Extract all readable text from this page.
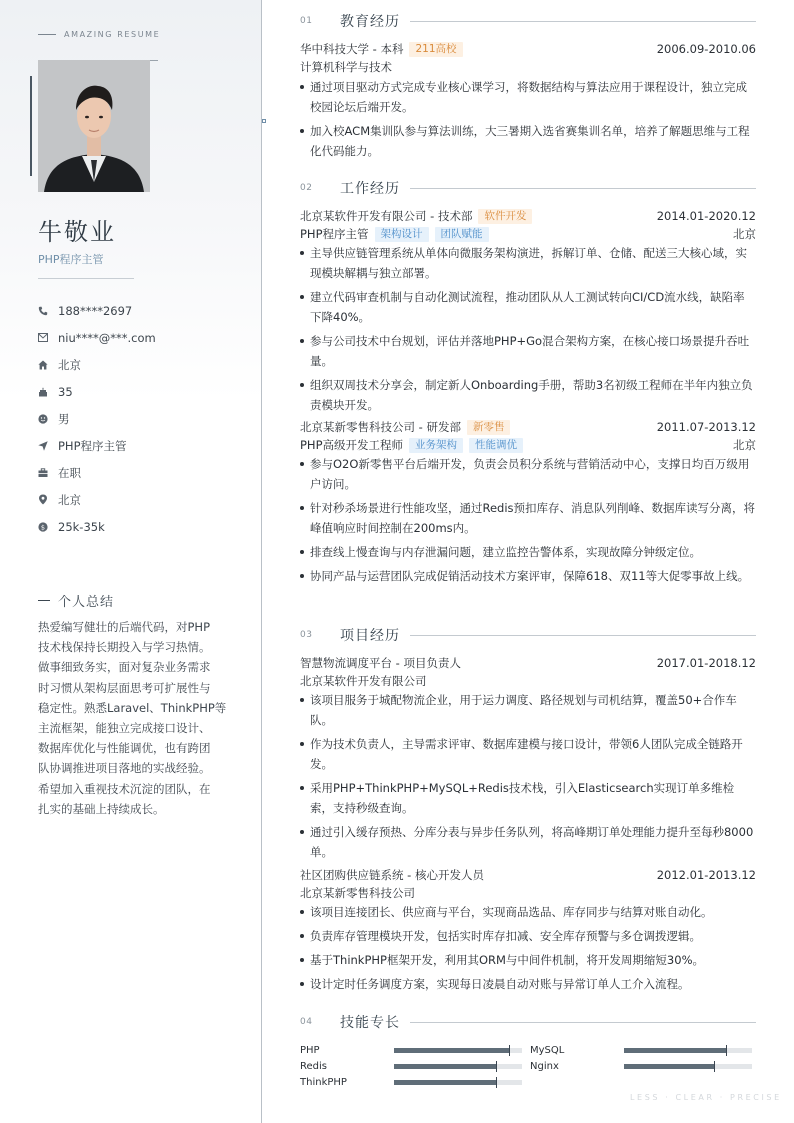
AMAZING RESUME
牛敬业
PHP程序主管
188****2697
niu****@***.com
北京
35
男
PHP程序主管
在职
北京
$ 25k-35k
个人总结
热爱编写健壮的后端代码，对PHP
技术栈保持长期投入与学习热情。
做事细致务实，面对复杂业务需求
时习惯从架构层面思考可扩展性与
稳定性。熟悉Laravel、ThinkPHP等
主流框架，能独立完成接口设计、
数据库优化与性能调优，也有跨团
队协调推进项目落地的实战经验。
希望加入重视技术沉淀的团队，在
扎实的基础上持续成长。
01	教育经历
华中科技大学 - 本科	211高校	2006.09-2010.06
计算机科学与技术
通过项目驱动方式完成专业核心课学习，将数据结构与算法应用于课程设计，独立完成校园论坛后端开发。
加入校ACM集训队参与算法训练，大三暑期入选省赛集训名单，培养了解题思维与工程化代码能力。
02	工作经历
北京某软件开发有限公司 - 技术部	软件开发	2014.01-2020.12
PHP程序主管	架构设计	团队赋能	北京
主导供应链管理系统从单体向微服务架构演进，拆解订单、仓储、配送三大核心域，实现模块解耦与独立部署。
建立代码审查机制与自动化测试流程，推动团队从人工测试转向CI/CD流水线，缺陷率下降40%。
参与公司技术中台规划，评估并落地PHP+Go混合架构方案，在核心接口场景提升吞吐量。
组织双周技术分享会，制定新人Onboarding手册，帮助3名初级工程师在半年内独立负责模块开发。
北京某新零售科技公司 - 研发部	新零售	2011.07-2013.12
PHP高级开发工程师	业务架构	性能调优	北京
参与O2O新零售平台后端开发，负责会员积分系统与营销活动中心，支撑日均百万级用户访问。
针对秒杀场景进行性能攻坚，通过Redis预扣库存、消息队列削峰、数据库读写分离，将峰值响应时间控制在200ms内。
排查线上慢查询与内存泄漏问题，建立监控告警体系，实现故障分钟级定位。
协同产品与运营团队完成促销活动技术方案评审，保障618、双11等大促零事故上线。
03	项目经历
智慧物流调度平台 - 项目负责人	2017.01-2018.12
北京某软件开发有限公司
该项目服务于城配物流企业，用于运力调度、路径规划与司机结算，覆盖50+合作车队。
作为技术负责人，主导需求评审、数据库建模与接口设计，带领6人团队完成全链路开发。
采用PHP+ThinkPHP+MySQL+Redis技术栈，引入Elasticsearch实现订单多维检索，支持秒级查询。
通过引入缓存预热、分库分表与异步任务队列，将高峰期订单处理能力提升至每秒8000单。
社区团购供应链系统 - 核心开发人员	2012.01-2013.12
北京某新零售科技公司
该项目连接团长、供应商与平台，实现商品选品、库存同步与结算对账自动化。
负责库存管理模块开发，包括实时库存扣减、安全库存预警与多仓调拨逻辑。
基于ThinkPHP框架开发，利用其ORM与中间件机制，将开发周期缩短30%。
设计定时任务调度方案，实现每日凌晨自动对账与异常订单人工介入流程。
04	技能专长
PHP	MySQL
Redis	Nginx
ThinkPHP
LESS · CLEAR · PRECISE
